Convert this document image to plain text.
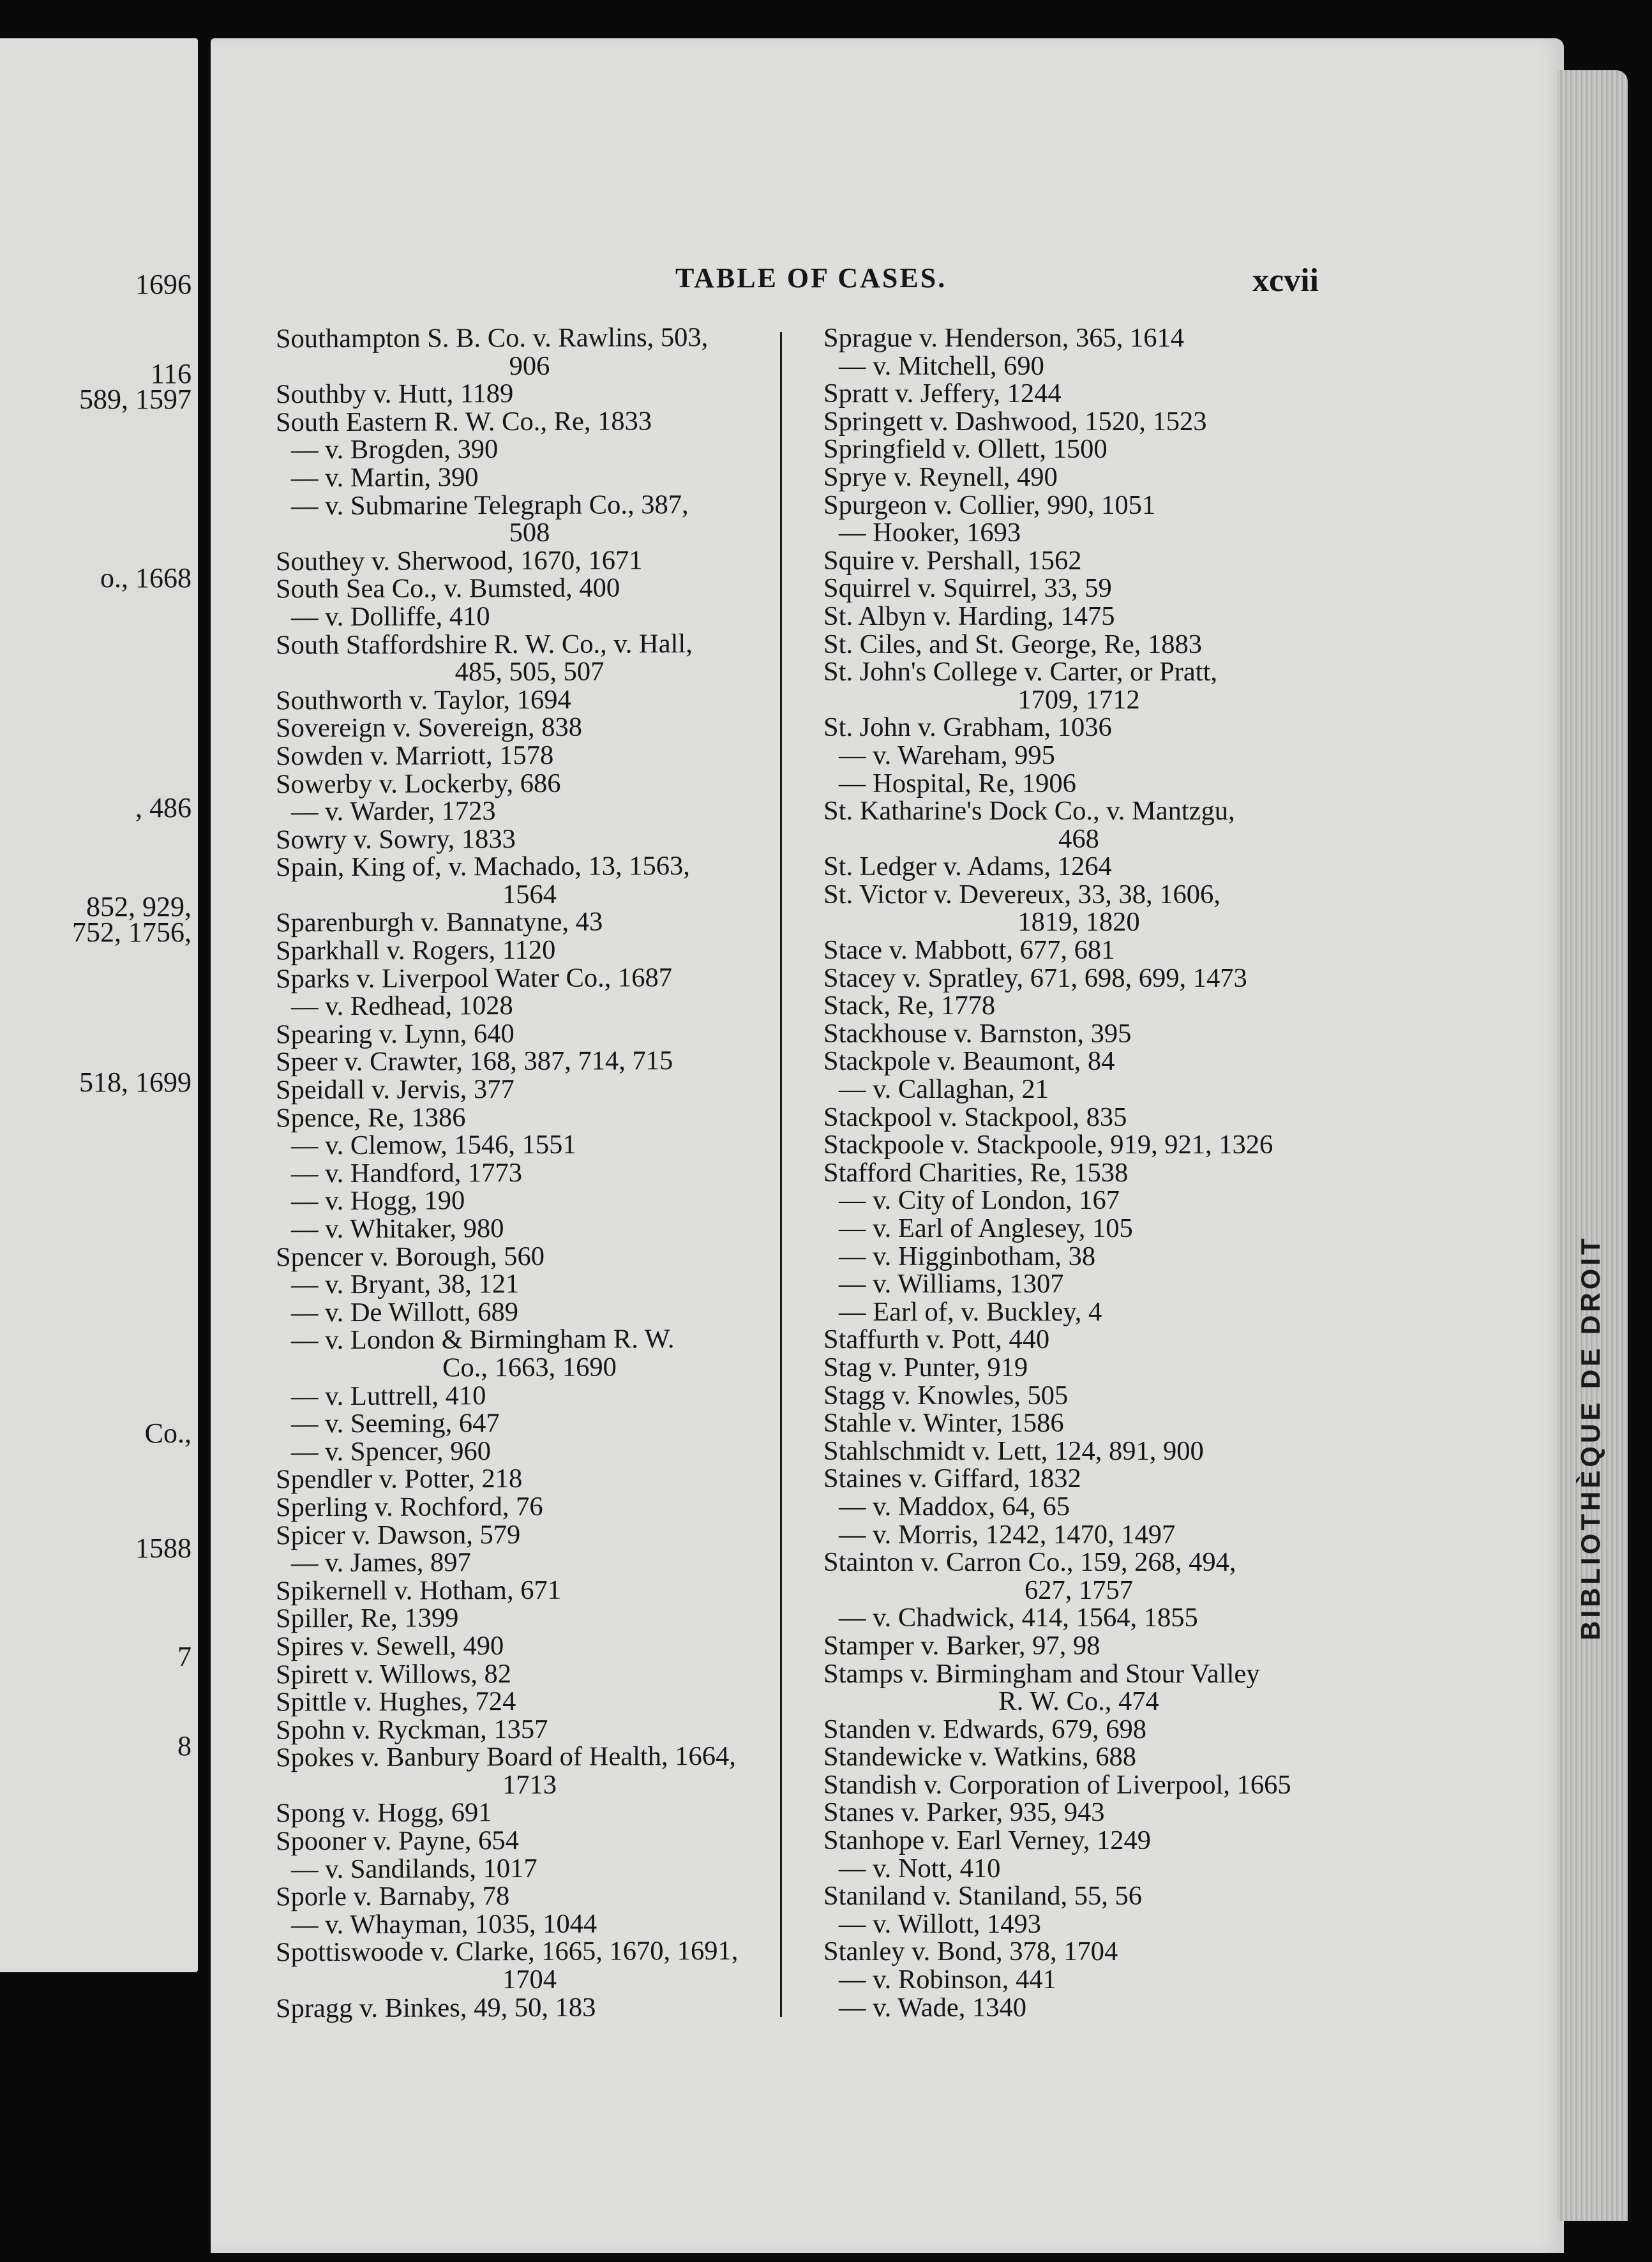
1696
116
589, 1597
o., 1668
, 486
852, 929,
752, 1756,
518, 1699
Co.,
1588
7
8
TABLE OF CASES.	xcvii
Southampton S. B. Co. v. Rawlins, 503,
906
Southby v. Hutt, 1189
South Eastern R. W. Co., Re, 1833
— v. Brogden, 390
— v. Martin, 390
— v. Submarine Telegraph Co., 387,
508
Southey v. Sherwood, 1670, 1671
South Sea Co., v. Bumsted, 400
— v. Dolliffe, 410
South Staffordshire R. W. Co., v. Hall,
485, 505, 507
Southworth v. Taylor, 1694
Sovereign v. Sovereign, 838
Sowden v. Marriott, 1578
Sowerby v. Lockerby, 686
— v. Warder, 1723
Sowry v. Sowry, 1833
Spain, King of, v. Machado, 13, 1563,
1564
Sparenburgh v. Bannatyne, 43
Sparkhall v. Rogers, 1120
Sparks v. Liverpool Water Co., 1687
— v. Redhead, 1028
Spearing v. Lynn, 640
Speer v. Crawter, 168, 387, 714, 715
Speidall v. Jervis, 377
Spence, Re, 1386
— v. Clemow, 1546, 1551
— v. Handford, 1773
— v. Hogg, 190
— v. Whitaker, 980
Spencer v. Borough, 560
— v. Bryant, 38, 121
— v. De Willott, 689
— v. London & Birmingham R. W.
Co., 1663, 1690
— v. Luttrell, 410
— v. Seeming, 647
— v. Spencer, 960
Spendler v. Potter, 218
Sperling v. Rochford, 76
Spicer v. Dawson, 579
— v. James, 897
Spikernell v. Hotham, 671
Spiller, Re, 1399
Spires v. Sewell, 490
Spirett v. Willows, 82
Spittle v. Hughes, 724
Spohn v. Ryckman, 1357
Spokes v. Banbury Board of Health, 1664,
1713
Spong v. Hogg, 691
Spooner v. Payne, 654
— v. Sandilands, 1017
Sporle v. Barnaby, 78
— v. Whayman, 1035, 1044
Spottiswoode v. Clarke, 1665, 1670, 1691,
1704
Spragg v. Binkes, 49, 50, 183
Sprague v. Henderson, 365, 1614
— v. Mitchell, 690
Spratt v. Jeffery, 1244
Springett v. Dashwood, 1520, 1523
Springfield v. Ollett, 1500
Sprye v. Reynell, 490
Spurgeon v. Collier, 990, 1051
— Hooker, 1693
Squire v. Pershall, 1562
Squirrel v. Squirrel, 33, 59
St. Albyn v. Harding, 1475
St. Ciles, and St. George, Re, 1883
St. John's College v. Carter, or Pratt,
1709, 1712
St. John v. Grabham, 1036
— v. Wareham, 995
— Hospital, Re, 1906
St. Katharine's Dock Co., v. Mantzgu,
468
St. Ledger v. Adams, 1264
St. Victor v. Devereux, 33, 38, 1606,
1819, 1820
Stace v. Mabbott, 677, 681
Stacey v. Spratley, 671, 698, 699, 1473
Stack, Re, 1778
Stackhouse v. Barnston, 395
Stackpole v. Beaumont, 84
— v. Callaghan, 21
Stackpool v. Stackpool, 835
Stackpoole v. Stackpoole, 919, 921, 1326
Stafford Charities, Re, 1538
— v. City of London, 167
— v. Earl of Anglesey, 105
— v. Higginbotham, 38
— v. Williams, 1307
— Earl of, v. Buckley, 4
Staffurth v. Pott, 440
Stag v. Punter, 919
Stagg v. Knowles, 505
Stahle v. Winter, 1586
Stahlschmidt v. Lett, 124, 891, 900
Staines v. Giffard, 1832
— v. Maddox, 64, 65
— v. Morris, 1242, 1470, 1497
Stainton v. Carron Co., 159, 268, 494,
627, 1757
— v. Chadwick, 414, 1564, 1855
Stamper v. Barker, 97, 98
Stamps v. Birmingham and Stour Valley
R. W. Co., 474
Standen v. Edwards, 679, 698
Standewicke v. Watkins, 688
Standish v. Corporation of Liverpool, 1665
Stanes v. Parker, 935, 943
Stanhope v. Earl Verney, 1249
— v. Nott, 410
Staniland v. Staniland, 55, 56
— v. Willott, 1493
Stanley v. Bond, 378, 1704
— v. Robinson, 441
— v. Wade, 1340
BIBLIOTHÈQUE DE DROIT
